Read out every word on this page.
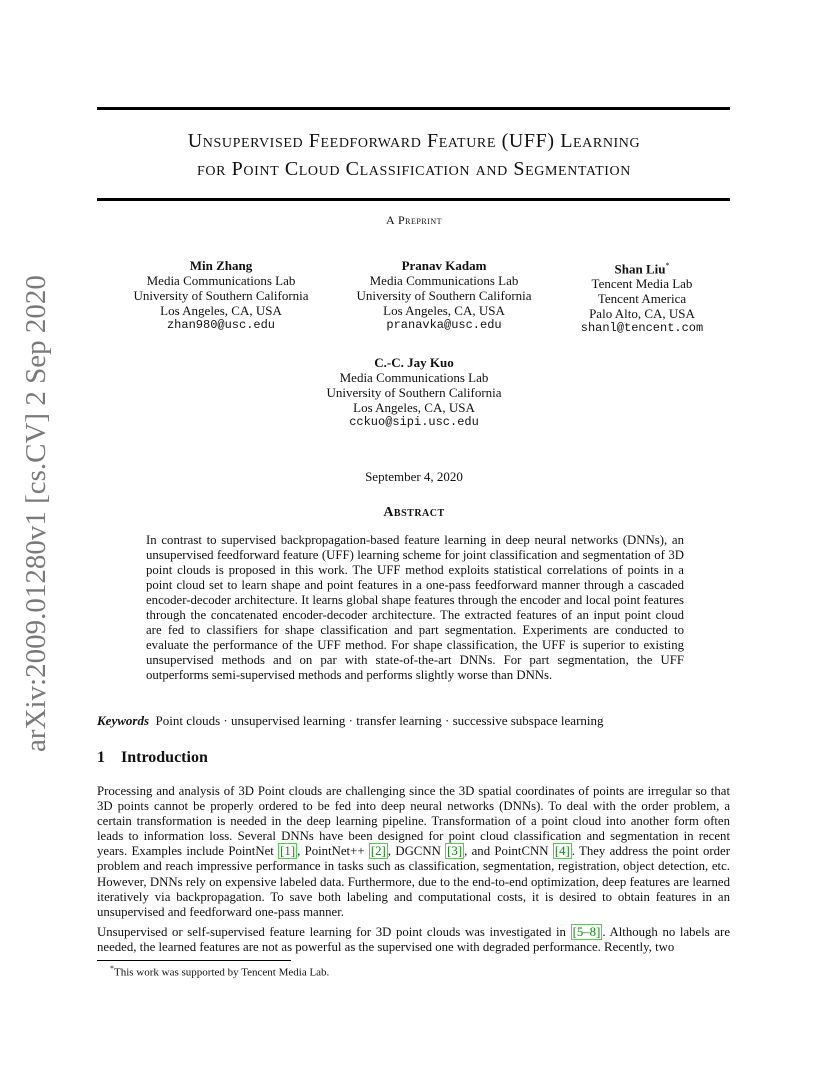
arXiv:2009.01280v1 [cs.CV] 2 Sep 2020
Unsupervised Feedforward Feature (UFF) Learning
for Point Cloud Classification and Segmentation
A Preprint
Min Zhang
Media Communications Lab
University of Southern California
Los Angeles, CA, USA
zhan980@usc.edu
Pranav Kadam
Media Communications Lab
University of Southern California
Los Angeles, CA, USA
pranavka@usc.edu
Shan Liu*
Tencent Media Lab
Tencent America
Palo Alto, CA, USA
shanl@tencent.com
C.-C. Jay Kuo
Media Communications Lab
University of Southern California
Los Angeles, CA, USA
cckuo@sipi.usc.edu
September 4, 2020
Abstract
In contrast to supervised backpropagation-based feature learning in deep neural networks (DNNs), an unsupervised feedforward feature (UFF) learning scheme for joint classification and segmentation of 3D point clouds is proposed in this work. The UFF method exploits statistical correlations of points in a point cloud set to learn shape and point features in a one-pass feedforward manner through a cascaded encoder-decoder architecture. It learns global shape features through the encoder and local point features through the concatenated encoder-decoder architecture. The extracted features of an input point cloud are fed to classifiers for shape classification and part segmentation. Experiments are conducted to evaluate the performance of the UFF method. For shape classification, the UFF is superior to existing unsupervised methods and on par with state-of-the-art DNNs. For part segmentation, the UFF outperforms semi-supervised methods and performs slightly worse than DNNs.
Keywords Point clouds · unsupervised learning · transfer learning · successive subspace learning
1 Introduction
Processing and analysis of 3D Point clouds are challenging since the 3D spatial coordinates of points are irregular so that 3D points cannot be properly ordered to be fed into deep neural networks (DNNs). To deal with the order problem, a certain transformation is needed in the deep learning pipeline. Transformation of a point cloud into another form often leads to information loss. Several DNNs have been designed for point cloud classification and segmentation in recent years. Examples include PointNet [1] , PointNet++ [2] , DGCNN [3] , and PointCNN [4] . They address the point order problem and reach impressive performance in tasks such as classification, segmentation, registration, object detection, etc. However, DNNs rely on expensive labeled data. Furthermore, due to the end-to-end optimization, deep features are learned iteratively via backpropagation. To save both labeling and computational costs, it is desired to obtain features in an unsupervised and feedforward one-pass manner.
Unsupervised or self-supervised feature learning for 3D point clouds was investigated in [5–8] . Although no labels are needed, the learned features are not as powerful as the supervised one with degraded performance. Recently, two
*This work was supported by Tencent Media Lab.
